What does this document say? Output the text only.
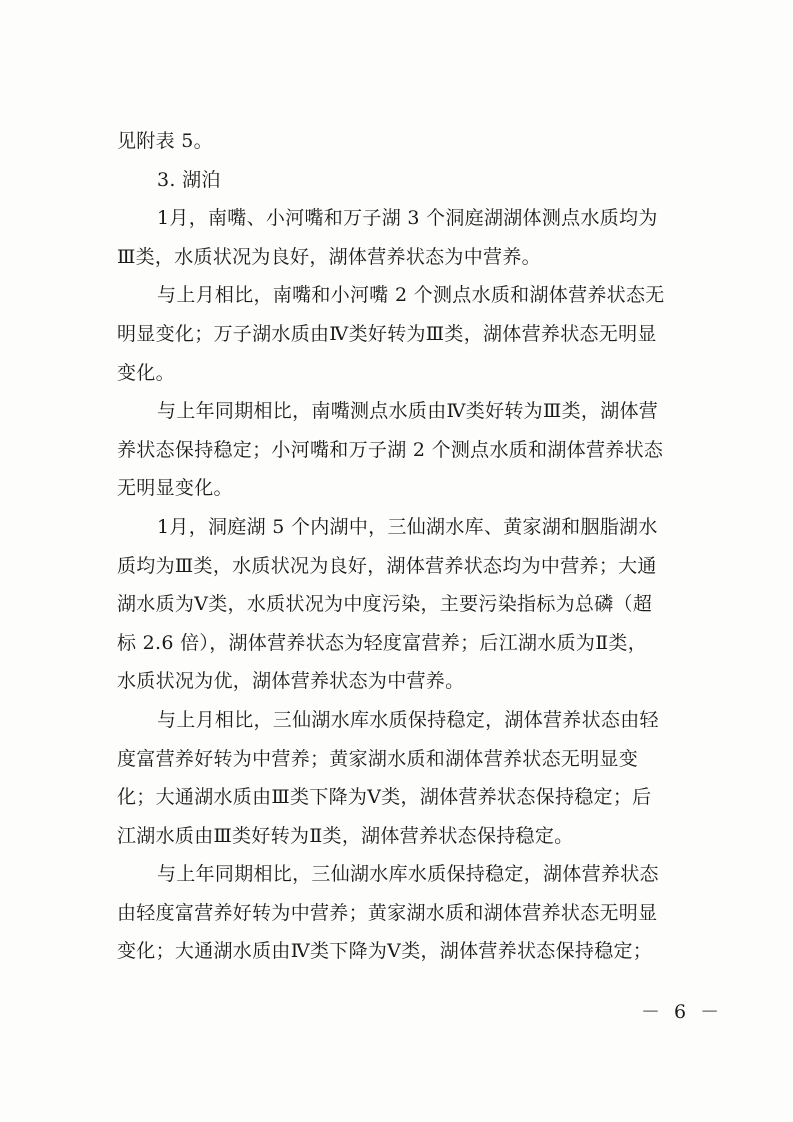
见附表 5。
3. 湖泊
1月，南嘴、小河嘴和万子湖 3 个洞庭湖湖体测点水质均为
Ⅲ类，水质状况为良好，湖体营养状态为中营养。
与上月相比，南嘴和小河嘴 2 个测点水质和湖体营养状态无
明显变化；万子湖水质由Ⅳ类好转为Ⅲ类，湖体营养状态无明显
变化。
与上年同期相比，南嘴测点水质由Ⅳ类好转为Ⅲ类，湖体营
养状态保持稳定；小河嘴和万子湖 2 个测点水质和湖体营养状态
无明显变化。
1月，洞庭湖 5 个内湖中，三仙湖水库、黄家湖和胭脂湖水
质均为Ⅲ类，水质状况为良好，湖体营养状态均为中营养；大通
湖水质为Ⅴ类，水质状况为中度污染，主要污染指标为总磷（超
标 2.6 倍），湖体营养状态为轻度富营养；后江湖水质为Ⅱ类，
水质状况为优，湖体营养状态为中营养。
与上月相比，三仙湖水库水质保持稳定，湖体营养状态由轻
度富营养好转为中营养；黄家湖水质和湖体营养状态无明显变
化；大通湖水质由Ⅲ类下降为Ⅴ类，湖体营养状态保持稳定；后
江湖水质由Ⅲ类好转为Ⅱ类，湖体营养状态保持稳定。
与上年同期相比，三仙湖水库水质保持稳定，湖体营养状态
由轻度富营养好转为中营养；黄家湖水质和湖体营养状态无明显
变化；大通湖水质由Ⅳ类下降为Ⅴ类，湖体营养状态保持稳定；
－ 6 －
